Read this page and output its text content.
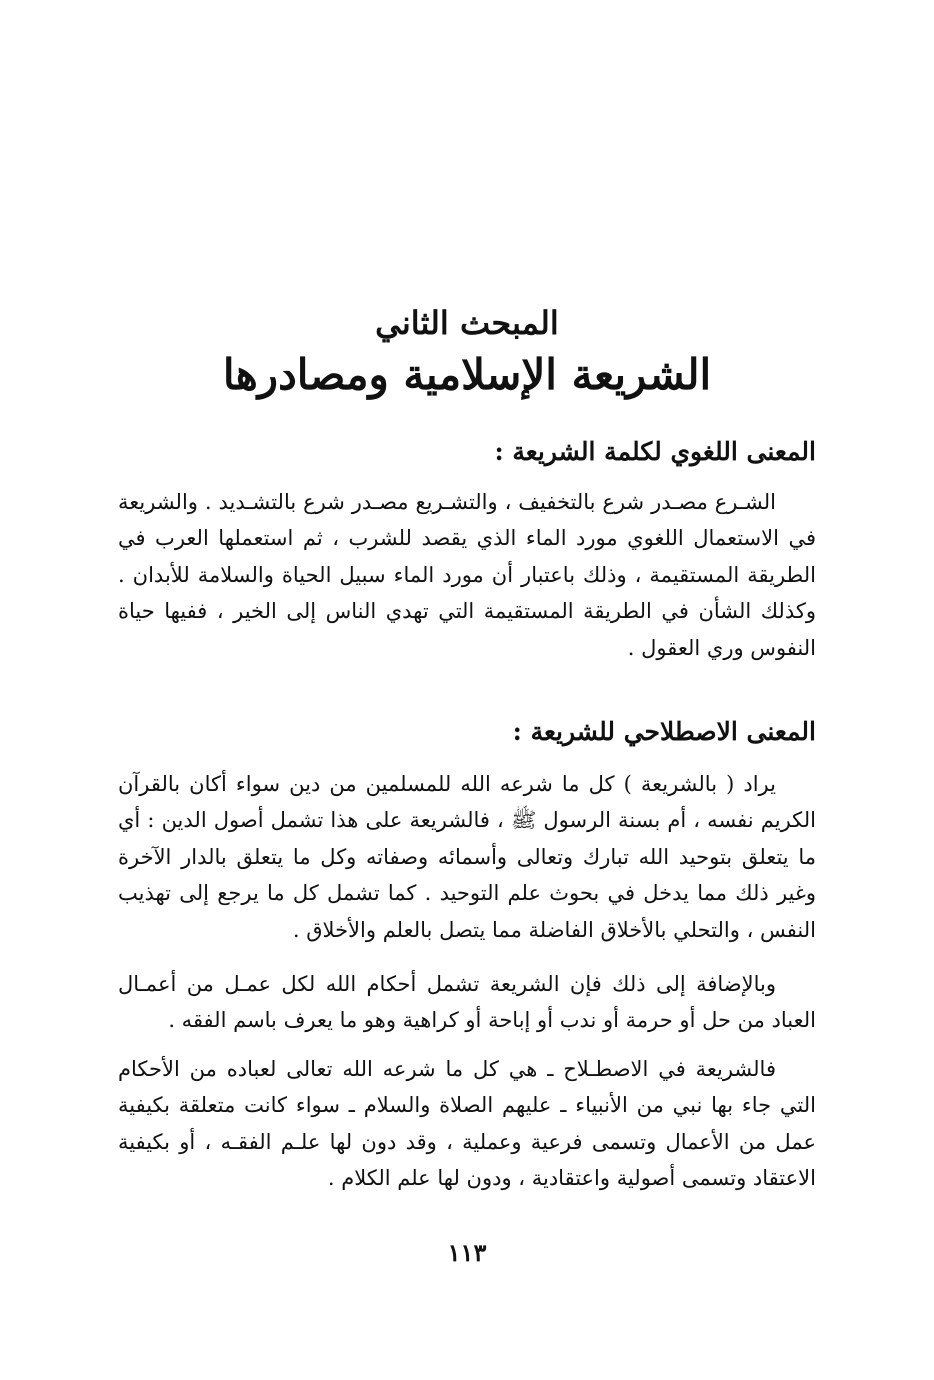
المبحث الثاني
الشريعة الإسلامية ومصادرها
المعنى اللغوي لكلمة الشريعة :

الشـرع مصـدر شرع بالتخفيف ، والتشـريع مصـدر شرع بالتشـديد . والشريعة في الاستعمال اللغوي مورد الماء الذي يقصد للشرب ، ثم استعملها العرب في الطريقة المستقيمة ، وذلك باعتبار أن مورد الماء سبيل الحياة والسلامة للأبدان . وكذلك الشأن في الطريقة المستقيمة التي تهدي الناس إلى الخير ، ففيها حياة النفوس وري العقول .

المعنى الاصطلاحي للشريعة :

يراد ( بالشريعة ) كل ما شرعه الله للمسلمين من دين سواء أكان بالقرآن الكريم نفسه ، أم بسنة الرسول ﷺ ، فالشريعة على هذا تشمل أصول الدين : أي ما يتعلق بتوحيد الله تبارك وتعالى وأسمائه وصفاته وكل ما يتعلق بالدار الآخرة وغير ذلك مما يدخل في بحوث علم التوحيد . كما تشمل كل ما يرجع إلى تهذيب النفس ، والتحلي بالأخلاق الفاضلة مما يتصل بالعلم والأخلاق .

وبالإضافة إلى ذلك فإن الشريعة تشمل أحكام الله لكل عمـل من أعمـال العباد من حل أو حرمة أو ندب أو إباحة أو كراهية وهو ما يعرف باسم الفقه .

فالشريعة في الاصطـلاح ـ هي كل ما شرعه الله تعالى لعباده من الأحكام التي جاء بها نبي من الأنبياء ـ عليهم الصلاة والسلام ـ سواء كانت متعلقة بكيفية عمل من الأعمال وتسمى فرعية وعملية ، وقد دون لها علـم الفقـه ، أو بكيفية الاعتقاد وتسمى أصولية واعتقادية ، ودون لها علم الكلام .

١١٣
